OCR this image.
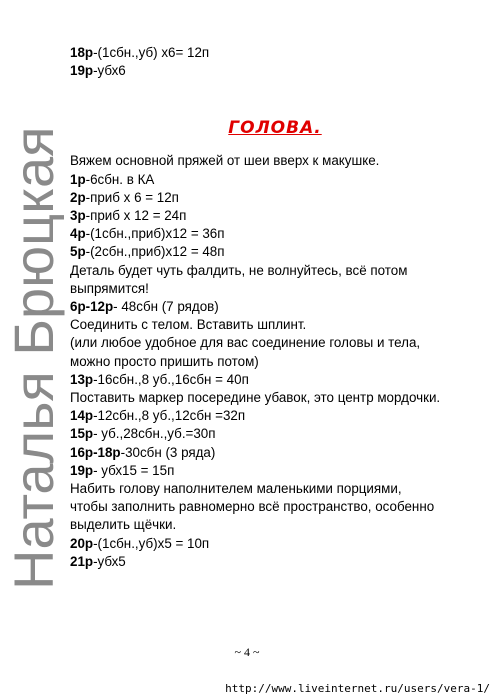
Наталья Брюцкая
18р-(1сбн.,уб) х6= 12п
19р-убх6
ГОЛОВА.
Вяжем основной пряжей от шеи вверх к макушке.
1р-6сбн. в КА
2р-приб х 6 = 12п
3р-приб х 12 = 24п
4р-(1сбн.,приб)х12 = 36п
5р-(2сбн.,приб)х12 = 48п
Деталь будет чуть фалдить, не волнуйтесь, всё потом
выпрямится!
6р-12р- 48сбн (7 рядов)
Соединить с телом. Вставить шплинт.
(или любое удобное для вас соединение головы и тела,
можно просто пришить потом)
13р-16сбн.,8 уб.,16сбн = 40п
Поставить маркер посередине убавок, это центр мордочки.
14р-12сбн.,8 уб.,12сбн =32п
15р- уб.,28сбн.,уб.=30п
16р-18р-30сбн (3 ряда)
19р- убх15 = 15п
Набить голову наполнителем маленькими порциями,
чтобы заполнить равномерно всё пространство, особенно
выделить щёчки.
20р-(1сбн.,уб)х5 = 10п
21р-убх5
~ 4 ~
http://www.liveinternet.ru/users/vera-1/
